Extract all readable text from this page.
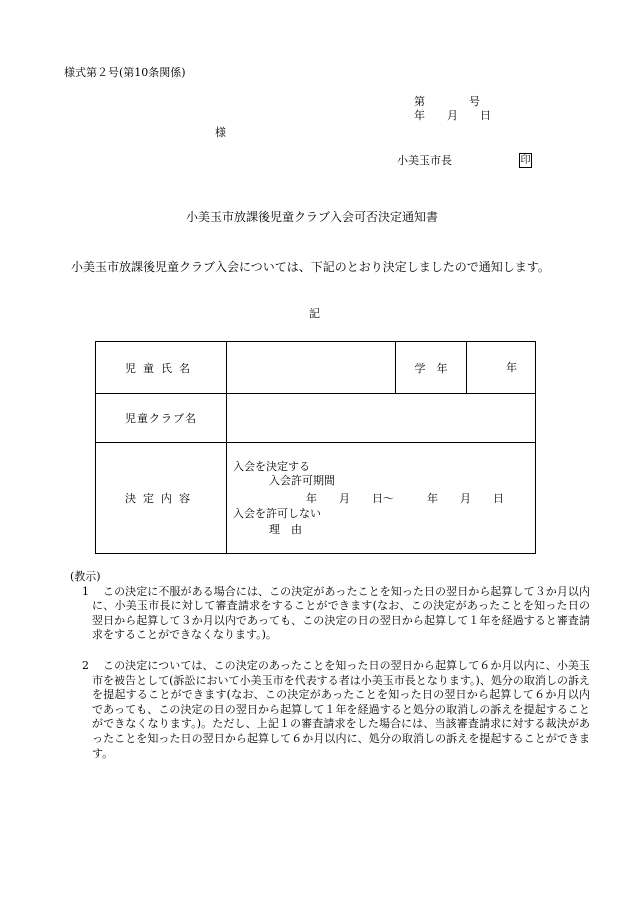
様式第２号(第10条関係)
第　　　　号
年　　月　　日
様
小美玉市長	印
小美玉市放課後児童クラブ入会可否決定通知書
小美玉市放課後児童クラブ入会については、下記のとおり決定しましたので通知します。
記
児童氏名		学　年	年
児童クラブ名			
決定内容	入会を決定する
入会許可期間
年　　月　　日〜　　　年　　月　　日
入会を許可しない
理　由		
(教示)
1	この決定に不服がある場合には、この決定があったことを知った日の翌日から起算して３か月以内に、小美玉市長に対して審査請求をすることができます(なお、この決定があったことを知った日の翌日から起算して３か月以内であっても、この決定の日の翌日から起算して１年を経過すると審査請求をすることができなくなります。)。
2	この決定については、この決定のあったことを知った日の翌日から起算して６か月以内に、小美玉市を被告として(訴訟において小美玉市を代表する者は小美玉市長となります。)、処分の取消しの訴えを提起することができます(なお、この決定があったことを知った日の翌日から起算して６か月以内であっても、この決定の日の翌日から起算して１年を経過すると処分の取消しの訴えを提起することができなくなります。)。ただし、上記１の審査請求をした場合には、当該審査請求に対する裁決があったことを知った日の翌日から起算して６か月以内に、処分の取消しの訴えを提起することができます。
